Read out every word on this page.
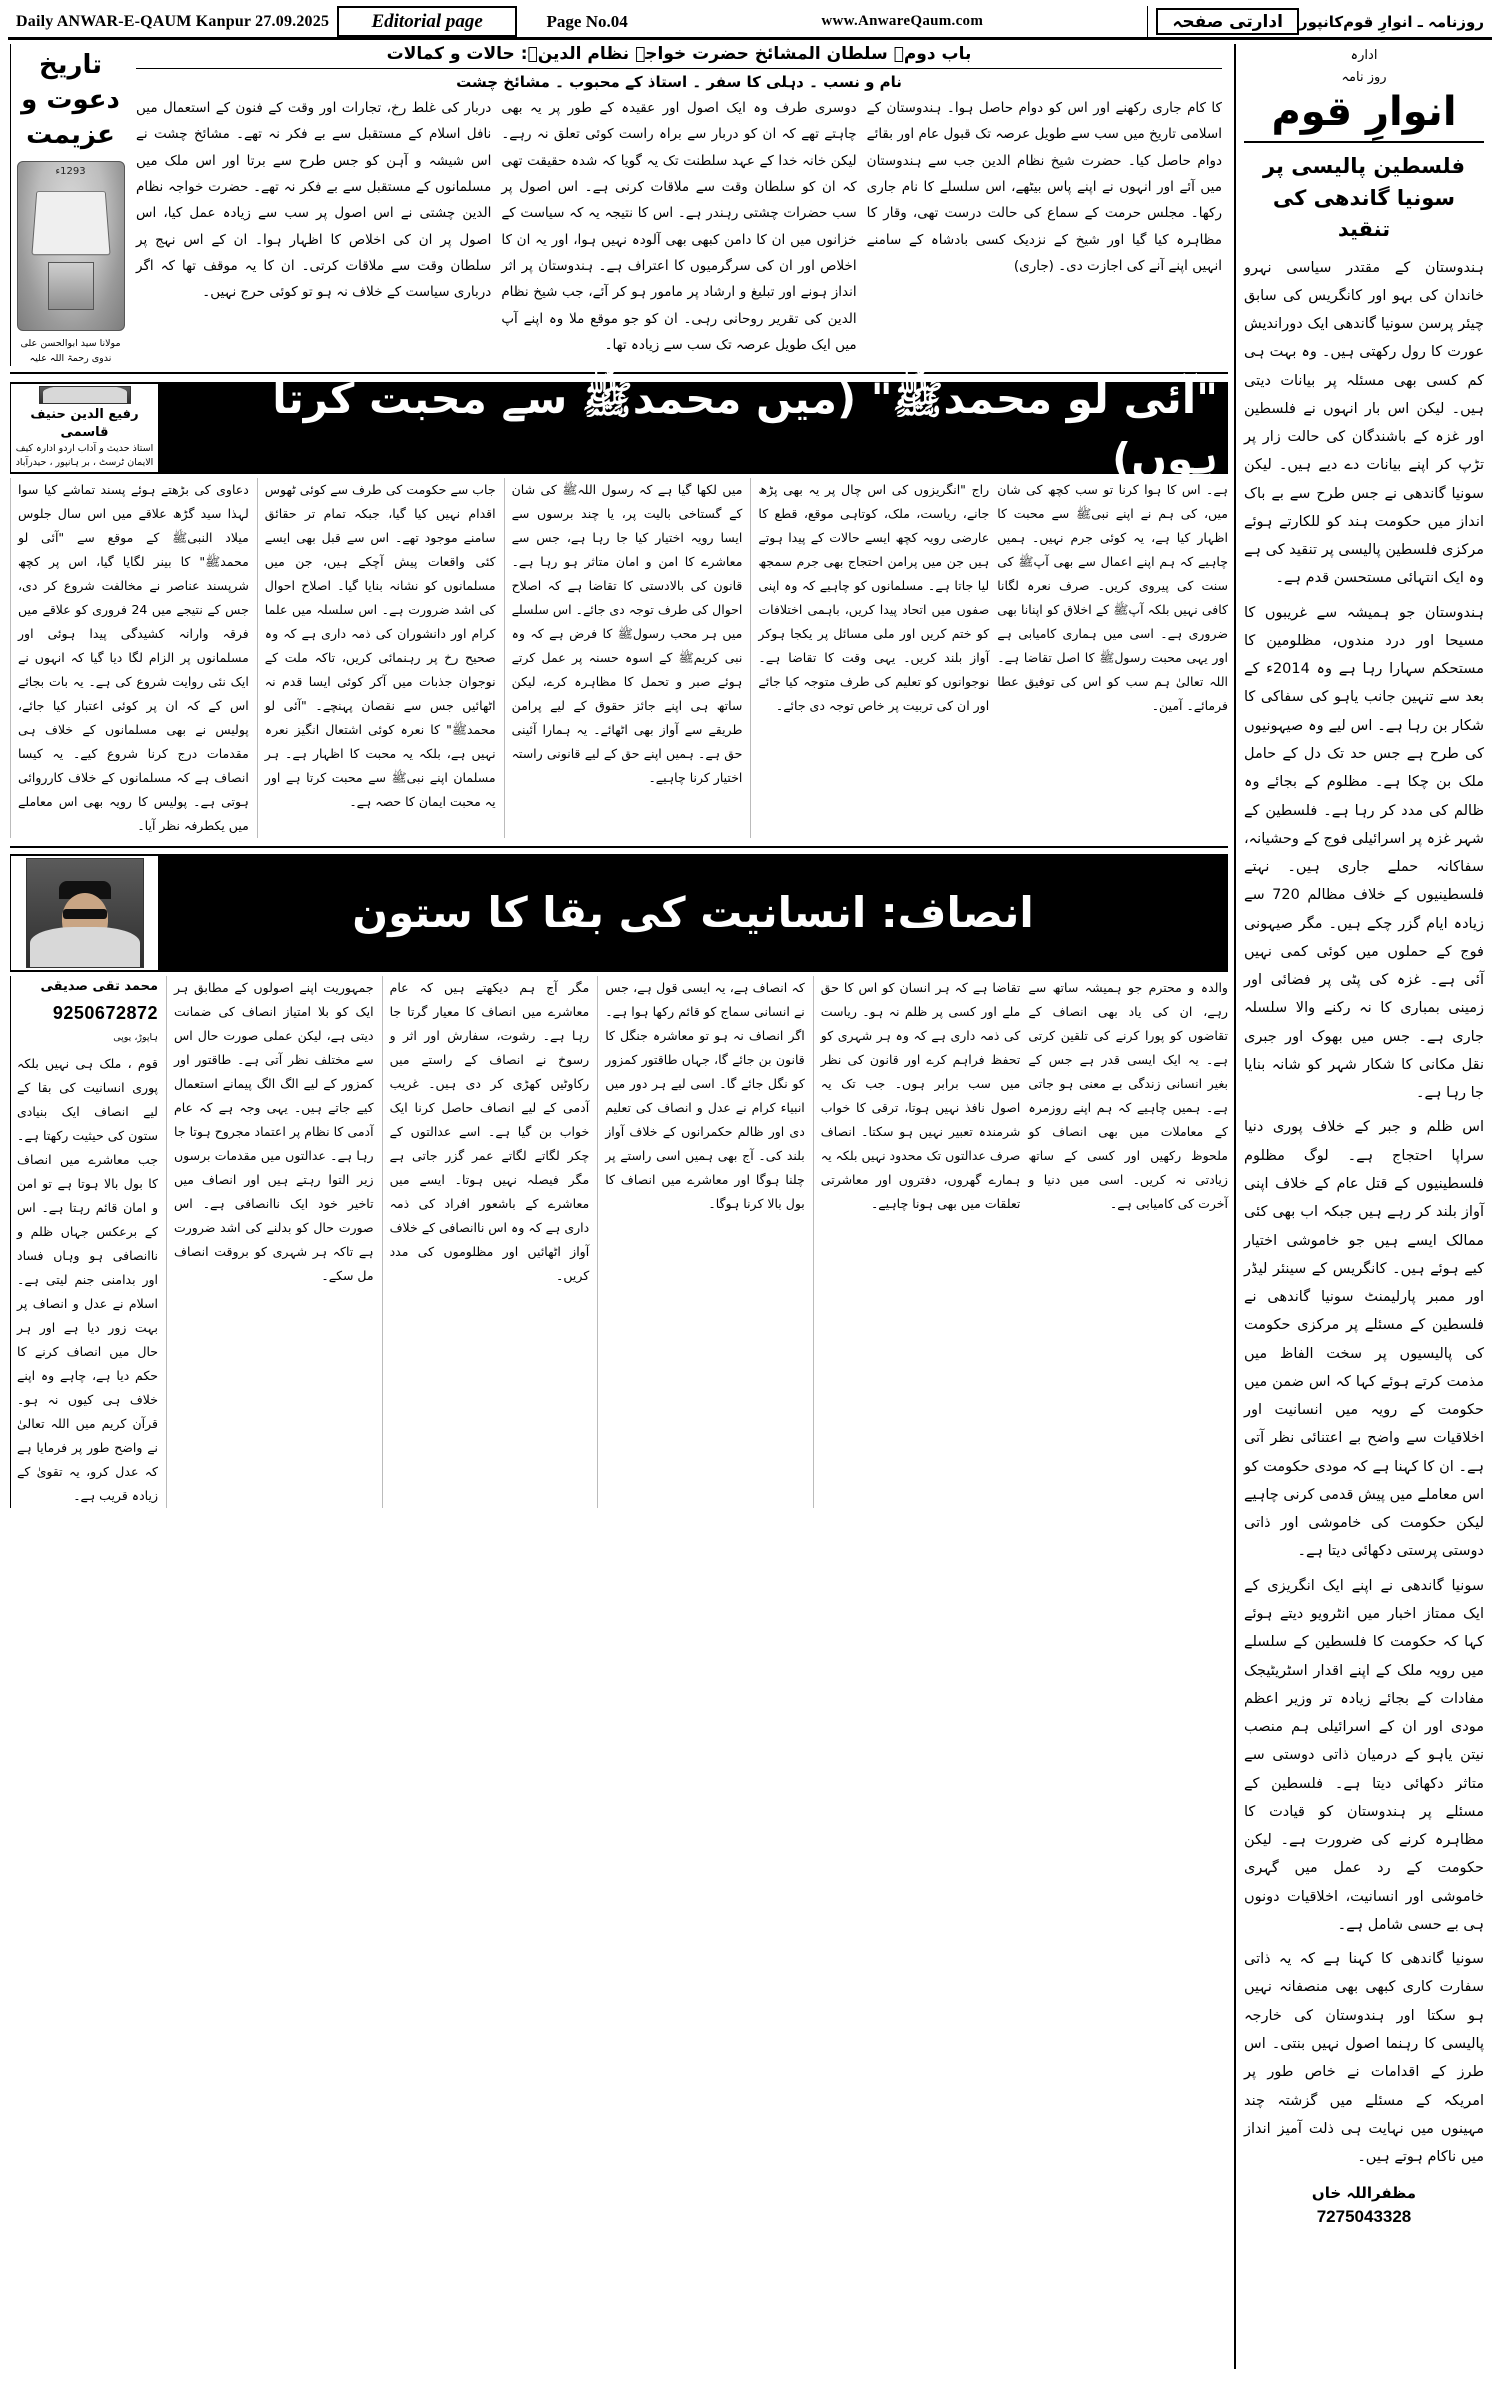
Daily ANWAR-E-QAUM Kanpur 27.09.2025	Editorial page	Page No.04	www.AnwareQaum.com	روزنامہ ـ انوارِ قوم
کانپور
ادارتی صفحہ
ادارہ
روز نامہ
انوارِ قوم
فلسطین پالیسی پر سونیا گاندھی کی تنقید

ہندوستان کے مقتدر سیاسی نہرو خاندان کی بہو اور کانگریس کی سابق چیئر پرسن سونیا گاندھی ایک دوراندیش عورت کا رول رکھتی ہیں۔ وہ بہت ہی کم کسی بھی مسئلہ پر بیانات دیتی ہیں۔ لیکن اس بار انہوں نے فلسطین اور غزہ کے باشندگان کی حالت زار پر تڑپ کر اپنے بیانات دے دیے ہیں۔ لیکن سونیا گاندھی نے جس طرح سے بے باک انداز میں حکومت ہند کو للکارتے ہوئے مرکزی فلسطین پالیسی پر تنقید کی ہے وہ ایک انتہائی مستحسن قدم ہے۔

ہندوستان جو ہمیشہ سے غریبوں کا مسیحا اور درد مندوں، مظلومین کا مستحکم سہارا رہا ہے وہ 2014ء کے بعد سے تنہین جانب یاہو کی سفاکی کا شکار بن رہا ہے۔ اس لیے وہ صیہونیوں کی طرح ہے جس حد تک دل کے حامل ملک بن چکا ہے۔ مظلوم کے بجائے وہ ظالم کی مدد کر رہا ہے۔ فلسطین کے شہر غزہ پر اسرائیلی فوج کے وحشیانہ، سفاکانہ حملے جاری ہیں۔ نہتے فلسطینیوں کے خلاف مظالم 720 سے زیادہ ایام گزر چکے ہیں۔ مگر صیہونی فوج کے حملوں میں کوئی کمی نہیں آئی ہے۔ غزہ کی پٹی پر فضائی اور زمینی بمباری کا نہ رکنے والا سلسلہ جاری ہے۔ جس میں بھوک اور جبری نقل مکانی کا شکار شہر کو شانہ بنایا جا رہا ہے۔

اس ظلم و جبر کے خلاف پوری دنیا سراپا احتجاج ہے۔ لوگ مظلوم فلسطینیوں کے قتل عام کے خلاف اپنی آواز بلند کر رہے ہیں جبکہ اب بھی کئی ممالک ایسے ہیں جو خاموشی اختیار کیے ہوئے ہیں۔ کانگریس کے سینئر لیڈر اور ممبر پارلیمنٹ سونیا گاندھی نے فلسطین کے مسئلے پر مرکزی حکومت کی پالیسیوں پر سخت الفاظ میں مذمت کرتے ہوئے کہا کہ اس ضمن میں حکومت کے رویہ میں انسانیت اور اخلاقیات سے واضح بے اعتنائی نظر آتی ہے۔ ان کا کہنا ہے کہ مودی حکومت کو اس معاملے میں پیش قدمی کرنی چاہیے لیکن حکومت کی خاموشی اور ذاتی دوستی پرستی دکھائی دیتا ہے۔

سونیا گاندھی نے اپنے ایک انگریزی کے ایک ممتاز اخبار میں انٹرویو دیتے ہوئے کہا کہ حکومت کا فلسطین کے سلسلے میں رویہ ملک کے اپنے اقدار اسٹریٹیجک مفادات کے بجائے زیادہ تر وزیر اعظم مودی اور ان کے اسرائیلی ہم منصب نیتن یاہو کے درمیان ذاتی دوستی سے متاثر دکھائی دیتا ہے۔ فلسطین کے مسئلے پر ہندوستان کو قیادت کا مظاہرہ کرنے کی ضرورت ہے۔ لیکن حکومت کے رد عمل میں گہری خاموشی اور انسانیت، اخلاقیات دونوں ہی بے حسی شامل ہے۔

سونیا گاندھی کا کہنا ہے کہ یہ ذاتی سفارت کاری کبھی بھی منصفانہ نہیں ہو سکتا اور ہندوستان کی خارجہ پالیسی کا رہنما اصول نہیں بنتی۔ اس طرز کے اقدامات نے خاص طور پر امریکہ کے مسئلے میں گزشتہ چند مہینوں میں نہایت ہی ذلت آمیز انداز میں ناکام ہوتے ہیں۔

مظفراللہ خاں
7275043328
تاریخ دعوت و عزیمت
1293ء
مولانا سید ابوالحسن علی ندوی رحمۃ اللہ علیہ
باب دوم۔ سلطان المشائخ حضرت خواجہ نظام الدینؒ: حالات و کمالات
نام و نسب ۔ دہلی کا سفر ۔ استاذ کے محبوب ۔ مشائخ چشت
دربار کی غلط رخ، تجارات اور وقت کے فنون کے استعمال میں نافل اسلام کے مستقبل سے بے فکر نہ تھے۔ مشائخ چشت نے اس شیشہ و آہن کو جس طرح سے برتا اور اس ملک میں مسلمانوں کے مستقبل سے بے فکر نہ تھے۔ حضرت خواجہ نظام الدین چشتی نے اس اصول پر سب سے زیادہ عمل کیا، اس اصول پر ان کی اخلاص کا اظہار ہوا۔ ان کے اس نہج پر سلطان وقت سے ملاقات کرتی۔ ان کا یہ موقف تھا کہ اگر درباری سیاست کے خلاف نہ ہو تو کوئی حرج نہیں۔
دوسری طرف وہ ایک اصول اور عقیدہ کے طور پر یہ بھی چاہتے تھے کہ ان کو دربار سے براہ راست کوئی تعلق نہ رہے۔ لیکن خانہ خدا کے عہد سلطنت تک یہ گویا کہ شدہ حقیقت تھی کہ ان کو سلطان وقت سے ملاقات کرنی ہے۔ اس اصول پر سب حضرات چشتی رہندر ہے۔ اس کا نتیجہ یہ کہ سیاست کے خزانوں میں ان کا دامن کبھی بھی آلودہ نہیں ہوا، اور یہ ان کا اخلاص اور ان کی سرگرمیوں کا اعتراف ہے۔ ہندوستان پر اثر انداز ہونے اور تبلیغ و ارشاد پر مامور ہو کر آئے، جب شیخ نظام الدین کی تقریر روحانی رہی۔ ان کو جو موقع ملا وہ اپنے آپ میں ایک طویل عرصہ تک سب سے زیادہ تھا۔
کا کام جاری رکھنے اور اس کو دوام حاصل ہوا۔ ہندوستان کے اسلامی تاریخ میں سب سے طویل عرصہ تک قبول عام اور بقائے دوام حاصل کیا۔ حضرت شیخ نظام الدین جب سے ہندوستان میں آئے اور انہوں نے اپنے پاس بیٹھے، اس سلسلے کا نام جاری رکھا۔ مجلس حرمت کے سماع کی حالت درست تھی، وقار کا مظاہرہ کیا گیا اور شیخ کے نزدیک کسی بادشاہ کے سامنے انہیں اپنے آنے کی اجازت دی۔ (جاری)
رفیع الدین حنیف قاسمی
استاذ حدیث و آداب اردو ادارہ کیف الایمان ٹرسٹ ، بر ہانپور ، حیدرآباد
"آئی لو محمدﷺ" (میں محمدﷺ سے محبت کرتا ہوں)
دعاوی کی بڑھتے ہوئے پسند تماشے کیا سوا لہذا سید گڑھ علاقے میں اس سال جلوس میلاد النبیﷺ کے موقع سے "آئی لو محمدﷺ" کا بینر لگایا گیا، اس پر کچھ شرپسند عناصر نے مخالفت شروع کر دی، جس کے نتیجے میں 24 فروری کو علاقے میں فرقہ وارانہ کشیدگی پیدا ہوئی اور مسلمانوں پر الزام لگا دیا گیا کہ انہوں نے ایک نئی روایت شروع کی ہے۔ یہ بات بجائے اس کے کہ ان پر کوئی اعتبار کیا جائے، پولیس نے بھی مسلمانوں کے خلاف ہی مقدمات درج کرنا شروع کیے۔ یہ کیسا انصاف ہے کہ مسلمانوں کے خلاف کارروائی ہوتی ہے۔ پولیس کا رویہ بھی اس معاملے میں یکطرفہ نظر آیا۔
جاب سے حکومت کی طرف سے کوئی ٹھوس اقدام نہیں کیا گیا، جبکہ تمام تر حقائق سامنے موجود تھے۔ اس سے قبل بھی ایسے کئی واقعات پیش آچکے ہیں، جن میں مسلمانوں کو نشانہ بنایا گیا۔ اصلاح احوال کی اشد ضرورت ہے۔ اس سلسلہ میں علما کرام اور دانشوران کی ذمہ داری ہے کہ وہ صحیح رخ پر رہنمائی کریں، تاکہ ملت کے نوجوان جذبات میں آکر کوئی ایسا قدم نہ اٹھائیں جس سے نقصان پہنچے۔ "آئی لو محمدﷺ" کا نعرہ کوئی اشتعال انگیز نعرہ نہیں ہے، بلکہ یہ محبت کا اظہار ہے۔ ہر مسلمان اپنے نبیﷺ سے محبت کرتا ہے اور یہ محبت ایمان کا حصہ ہے۔
میں لکھا گیا ہے کہ رسول اللہﷺ کی شان کے گستاخی بالیت پر، یا چند برسوں سے ایسا رویہ اختیار کیا جا رہا ہے، جس سے معاشرے کا امن و امان متاثر ہو رہا ہے۔ قانون کی بالادستی کا تقاضا ہے کہ اصلاح احوال کی طرف توجہ دی جائے۔ اس سلسلے میں ہر محب رسولﷺ کا فرض ہے کہ وہ نبی کریمﷺ کے اسوہ حسنہ پر عمل کرتے ہوئے صبر و تحمل کا مظاہرہ کرے، لیکن ساتھ ہی اپنے جائز حقوق کے لیے پرامن طریقے سے آواز بھی اٹھائے۔ یہ ہمارا آئینی حق ہے۔ ہمیں اپنے حق کے لیے قانونی راستہ اختیار کرنا چاہیے۔
راج "انگریزوں کی اس چال پر یہ بھی پڑھ جانے، ریاست، ملک، کوتاہی موقع، قطع کا عارضی رویہ کچھ ایسے حالات کے پیدا ہوتے ہیں جن میں پرامن احتجاج بھی جرم سمجھ لیا جاتا ہے۔ مسلمانوں کو چاہیے کہ وہ اپنی صفوں میں اتحاد پیدا کریں، باہمی اختلافات کو ختم کریں اور ملی مسائل پر یکجا ہوکر آواز بلند کریں۔ یہی وقت کا تقاضا ہے۔ نوجوانوں کو تعلیم کی طرف متوجہ کیا جائے اور ان کی تربیت پر خاص توجہ دی جائے۔
ہے۔ اس کا ہوا کرنا تو سب کچھ کی شان میں، کی ہم نے اپنے نبیﷺ سے محبت کا اظہار کیا ہے، یہ کوئی جرم نہیں۔ ہمیں چاہیے کہ ہم اپنے اعمال سے بھی آپﷺ کی سنت کی پیروی کریں۔ صرف نعرہ لگانا کافی نہیں بلکہ آپﷺ کے اخلاق کو اپنانا بھی ضروری ہے۔ اسی میں ہماری کامیابی ہے اور یہی محبت رسولﷺ کا اصل تقاضا ہے۔ اللہ تعالیٰ ہم سب کو اس کی توفیق عطا فرمائے۔ آمین۔
انصاف: انسانیت کی بقا کا ستون
محمد تقی صدیقی
9250672872
ہاپوڑ، یوپی
قوم ، ملک ہی نہیں بلکہ پوری انسانیت کی بقا کے لیے انصاف ایک بنیادی ستون کی حیثیت رکھتا ہے۔ جب معاشرے میں انصاف کا بول بالا ہوتا ہے تو امن و امان قائم رہتا ہے۔ اس کے برعکس جہاں ظلم و ناانصافی ہو وہاں فساد اور بدامنی جنم لیتی ہے۔ اسلام نے عدل و انصاف پر بہت زور دیا ہے اور ہر حال میں انصاف کرنے کا حکم دیا ہے، چاہے وہ اپنے خلاف ہی کیوں نہ ہو۔ قرآن کریم میں اللہ تعالیٰ نے واضح طور پر فرمایا ہے کہ عدل کرو، یہ تقویٰ کے زیادہ قریب ہے۔
جمہوریت اپنے اصولوں کے مطابق ہر ایک کو بلا امتیاز انصاف کی ضمانت دیتی ہے، لیکن عملی صورت حال اس سے مختلف نظر آتی ہے۔ طاقتور اور کمزور کے لیے الگ الگ پیمانے استعمال کیے جاتے ہیں۔ یہی وجہ ہے کہ عام آدمی کا نظام پر اعتماد مجروح ہوتا جا رہا ہے۔ عدالتوں میں مقدمات برسوں زیر التوا رہتے ہیں اور انصاف میں تاخیر خود ایک ناانصافی ہے۔ اس صورت حال کو بدلنے کی اشد ضرورت ہے تاکہ ہر شہری کو بروقت انصاف مل سکے۔
مگر آج ہم دیکھتے ہیں کہ عام معاشرے میں انصاف کا معیار گرتا جا رہا ہے۔ رشوت، سفارش اور اثر و رسوخ نے انصاف کے راستے میں رکاوٹیں کھڑی کر دی ہیں۔ غریب آدمی کے لیے انصاف حاصل کرنا ایک خواب بن گیا ہے۔ اسے عدالتوں کے چکر لگاتے لگاتے عمر گزر جاتی ہے مگر فیصلہ نہیں ہوتا۔ ایسے میں معاشرے کے باشعور افراد کی ذمہ داری ہے کہ وہ اس ناانصافی کے خلاف آواز اٹھائیں اور مظلوموں کی مدد کریں۔
کہ انصاف ہے، یہ ایسی قول ہے، جس نے انسانی سماج کو قائم رکھا ہوا ہے۔ اگر انصاف نہ ہو تو معاشرہ جنگل کا قانون بن جائے گا، جہاں طاقتور کمزور کو نگل جائے گا۔ اسی لیے ہر دور میں انبیاء کرام نے عدل و انصاف کی تعلیم دی اور ظالم حکمرانوں کے خلاف آواز بلند کی۔ آج بھی ہمیں اسی راستے پر چلنا ہوگا اور معاشرے میں انصاف کا بول بالا کرنا ہوگا۔
تقاضا ہے کہ ہر انسان کو اس کا حق ملے اور کسی پر ظلم نہ ہو۔ ریاست کی ذمہ داری ہے کہ وہ ہر شہری کو تحفظ فراہم کرے اور قانون کی نظر میں سب برابر ہوں۔ جب تک یہ اصول نافذ نہیں ہوتا، ترقی کا خواب شرمندہ تعبیر نہیں ہو سکتا۔ انصاف صرف عدالتوں تک محدود نہیں بلکہ یہ ہمارے گھروں، دفتروں اور معاشرتی تعلقات میں بھی ہونا چاہیے۔
والدہ و محترم جو ہمیشہ ساتھ سے رہے، ان کی یاد بھی انصاف کے تقاضوں کو پورا کرنے کی تلقین کرتی ہے۔ یہ ایک ایسی قدر ہے جس کے بغیر انسانی زندگی بے معنی ہو جاتی ہے۔ ہمیں چاہیے کہ ہم اپنے روزمرہ کے معاملات میں بھی انصاف کو ملحوظ رکھیں اور کسی کے ساتھ زیادتی نہ کریں۔ اسی میں دنیا و آخرت کی کامیابی ہے۔
